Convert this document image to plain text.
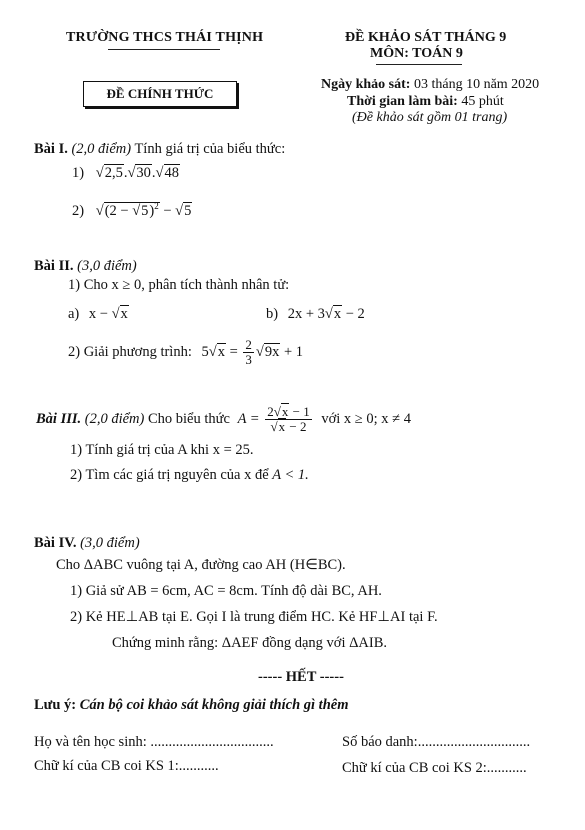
TRƯỜNG THCS THÁI THỊNH	ĐỀ KHẢO SÁT THÁNG 9
MÔN: TOÁN 9
ĐỀ CHÍNH THỨC
Ngày khảo sát: 03 tháng 10 năm 2020
Thời gian làm bài: 45 phút
(Đề khảo sát gồm 01 trang)
Bài I. (2,0 điểm) Tính giá trị của biểu thức:
1) √2,5.√30.√48
2) $√(2 - √5)^2 - √5$
Bài II. (3,0 điểm)
1) Cho x ≥ 0, phân tích thành nhân tử:
a) x − √x	b) 2x + 3√x − 2
2) Giải phương trình: $5√x = \frac{2}{3} √9x + 1$
Bài III. (2,0 điểm) Cho biểu thức $A = \frac{2√x - 1}{√x - 2}$ với x ≥ 0; x ≠ 4
1) Tính giá trị của A khi x = 25.
2) Tìm các giá trị nguyên của x để A < 1.
Bài IV. (3,0 điểm)
Cho ΔABC vuông tại A, đường cao AH (H∈BC).
1) Giả sử AB = 6cm, AC = 8cm. Tính độ dài BC, AH.
2) Kẻ HE⊥AB tại E. Gọi I là trung điểm HC. Kẻ HF⊥AI tại F.
Chứng minh rằng: ΔAEF đồng dạng với ΔAIB.
----- HẾT -----
Lưu ý: Cán bộ coi khảo sát không giải thích gì thêm
Họ và tên học sinh: ..................................	Số báo danh:...............................
Chữ kí của CB coi KS 1:...........	Chữ kí của CB coi KS 2:...........
